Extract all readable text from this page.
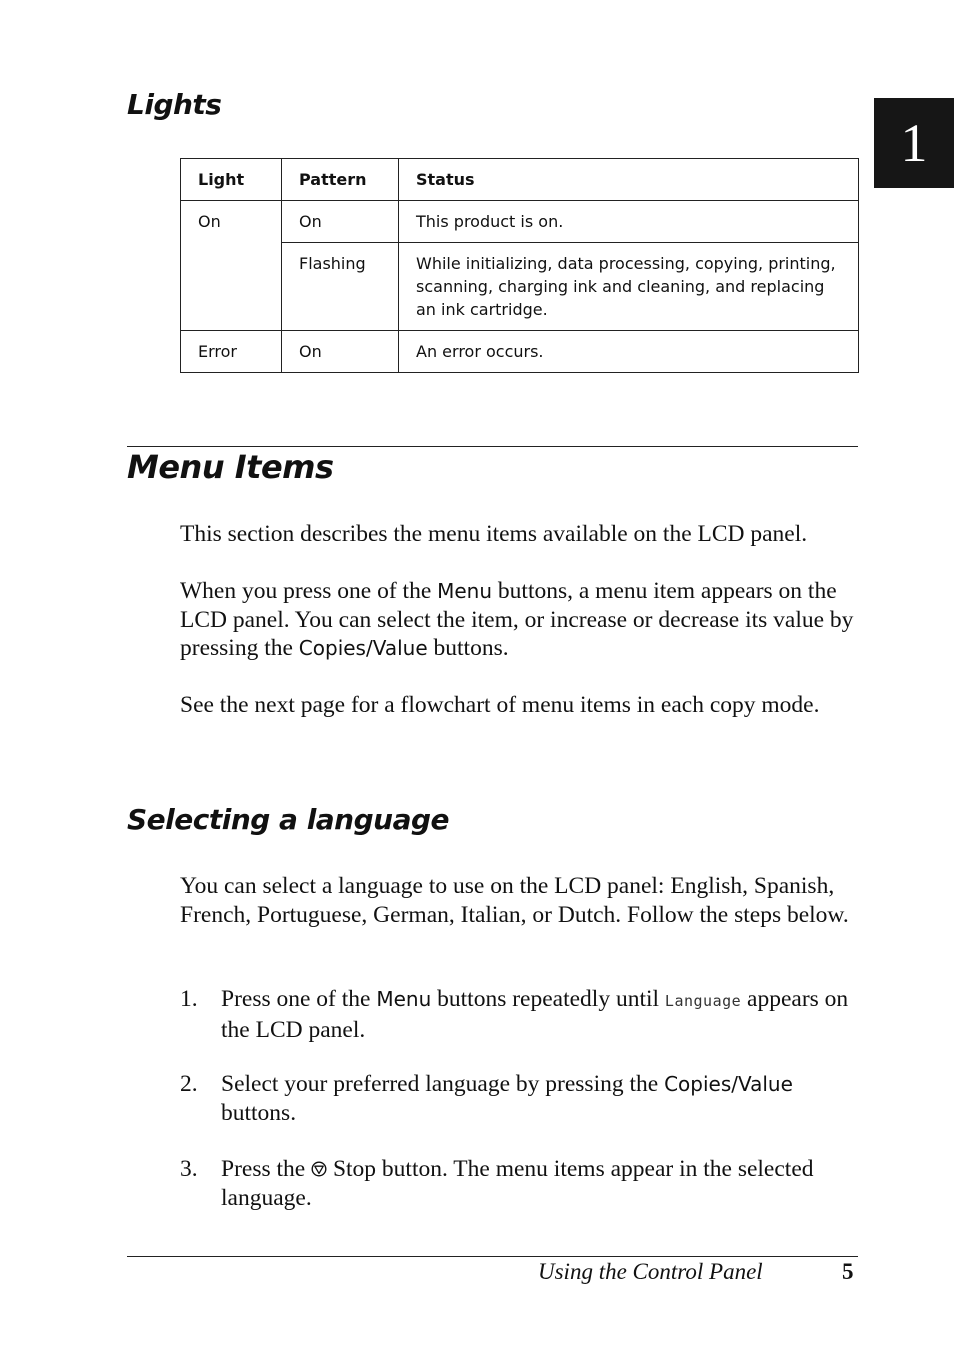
1
Lights
Light	Pattern	Status
On	On	This product is on.
	Flashing	While initializing, data processing, copying, printing, scanning, charging ink and cleaning, and replacing an ink cartridge.
Error	On	An error occurs.
Menu Items

This section describes the menu items available on the LCD panel.

When you press one of the Menu buttons, a menu item appears on the LCD panel. You can select the item, or increase or decrease its value by pressing the Copies/Value buttons.

See the next page for a flowchart of menu items in each copy mode.

Selecting a language

You can select a language to use on the LCD panel: English, Spanish, French, Portuguese, German, Italian, or Dutch. Follow the steps below.

1. Press one of the Menu buttons repeatedly until Language appears on the LCD panel.
2. Select your preferred language by pressing the Copies/Value buttons.
3. Press the  Stop button. The menu items appear in the selected language.
Using the Control Panel	5
